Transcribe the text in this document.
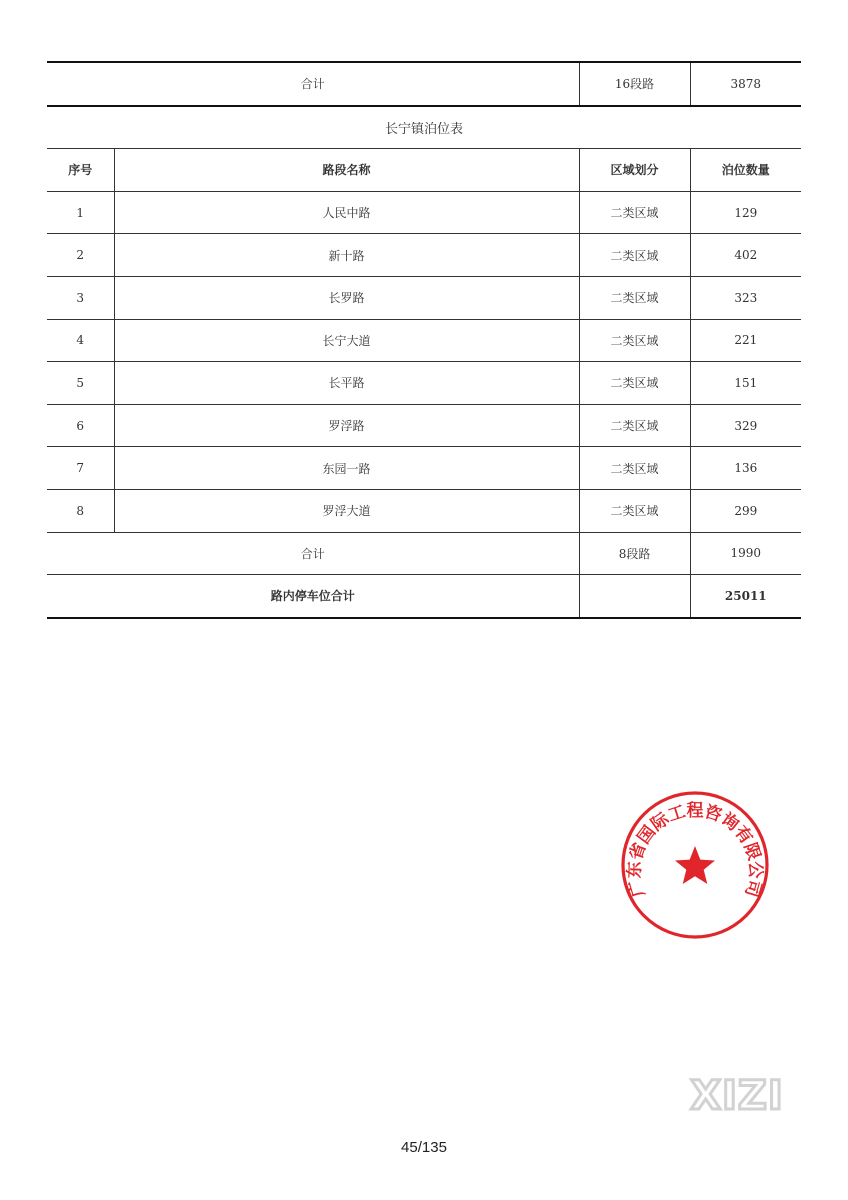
合计		16段路	3878
长宁镇泊位表			
序号	路段名称	区域划分	泊位数量
1	人民中路	二类区域	129
2	新十路	二类区域	402
3	长罗路	二类区域	323
4	长宁大道	二类区域	221
5	长平路	二类区域	151
6	罗浮路	二类区域	329
7	东园一路	二类区域	136
8	罗浮大道	二类区域	299
合计		8段路	1990
路内停车位合计			25011
广东省国际工程咨询有限公司
XIZI
45/135
